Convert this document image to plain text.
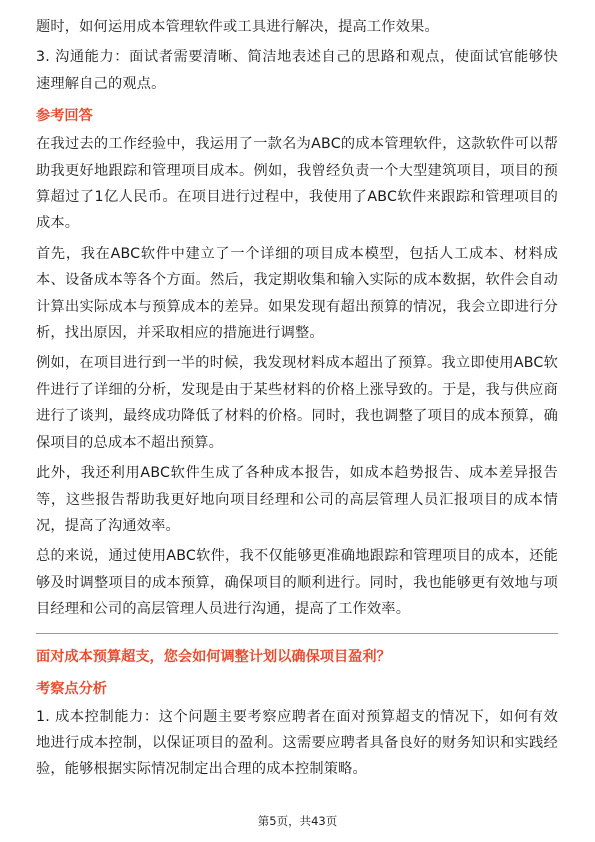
题时，如何运用成本管理软件或工具进行解决，提高工作效果。

3. 沟通能力：面试者需要清晰、简洁地表述自己的思路和观点，使面试官能够快速理解自己的观点。

参考回答

在我过去的工作经验中，我运用了一款名为ABC的成本管理软件，这款软件可以帮助我更好地跟踪和管理项目成本。例如，我曾经负责一个大型建筑项目，项目的预算超过了1亿人民币。在项目进行过程中，我使用了ABC软件来跟踪和管理项目的成本。

首先，我在ABC软件中建立了一个详细的项目成本模型，包括人工成本、材料成本、设备成本等各个方面。然后，我定期收集和输入实际的成本数据，软件会自动计算出实际成本与预算成本的差异。如果发现有超出预算的情况，我会立即进行分析，找出原因，并采取相应的措施进行调整。

例如，在项目进行到一半的时候，我发现材料成本超出了预算。我立即使用ABC软件进行了详细的分析，发现是由于某些材料的价格上涨导致的。于是，我与供应商进行了谈判，最终成功降低了材料的价格。同时，我也调整了项目的成本预算，确保项目的总成本不超出预算。

此外，我还利用ABC软件生成了各种成本报告，如成本趋势报告、成本差异报告等，这些报告帮助我更好地向项目经理和公司的高层管理人员汇报项目的成本情况，提高了沟通效率。

总的来说，通过使用ABC软件，我不仅能够更准确地跟踪和管理项目的成本，还能够及时调整项目的成本预算，确保项目的顺利进行。同时，我也能够更有效地与项目经理和公司的高层管理人员进行沟通，提高了工作效率。

面对成本预算超支，您会如何调整计划以确保项目盈利？
考察点分析

1. 成本控制能力：这个问题主要考察应聘者在面对预算超支的情况下，如何有效地进行成本控制，以保证项目的盈利。这需要应聘者具备良好的财务知识和实践经验，能够根据实际情况制定出合理的成本控制策略。

第5页，共43页
